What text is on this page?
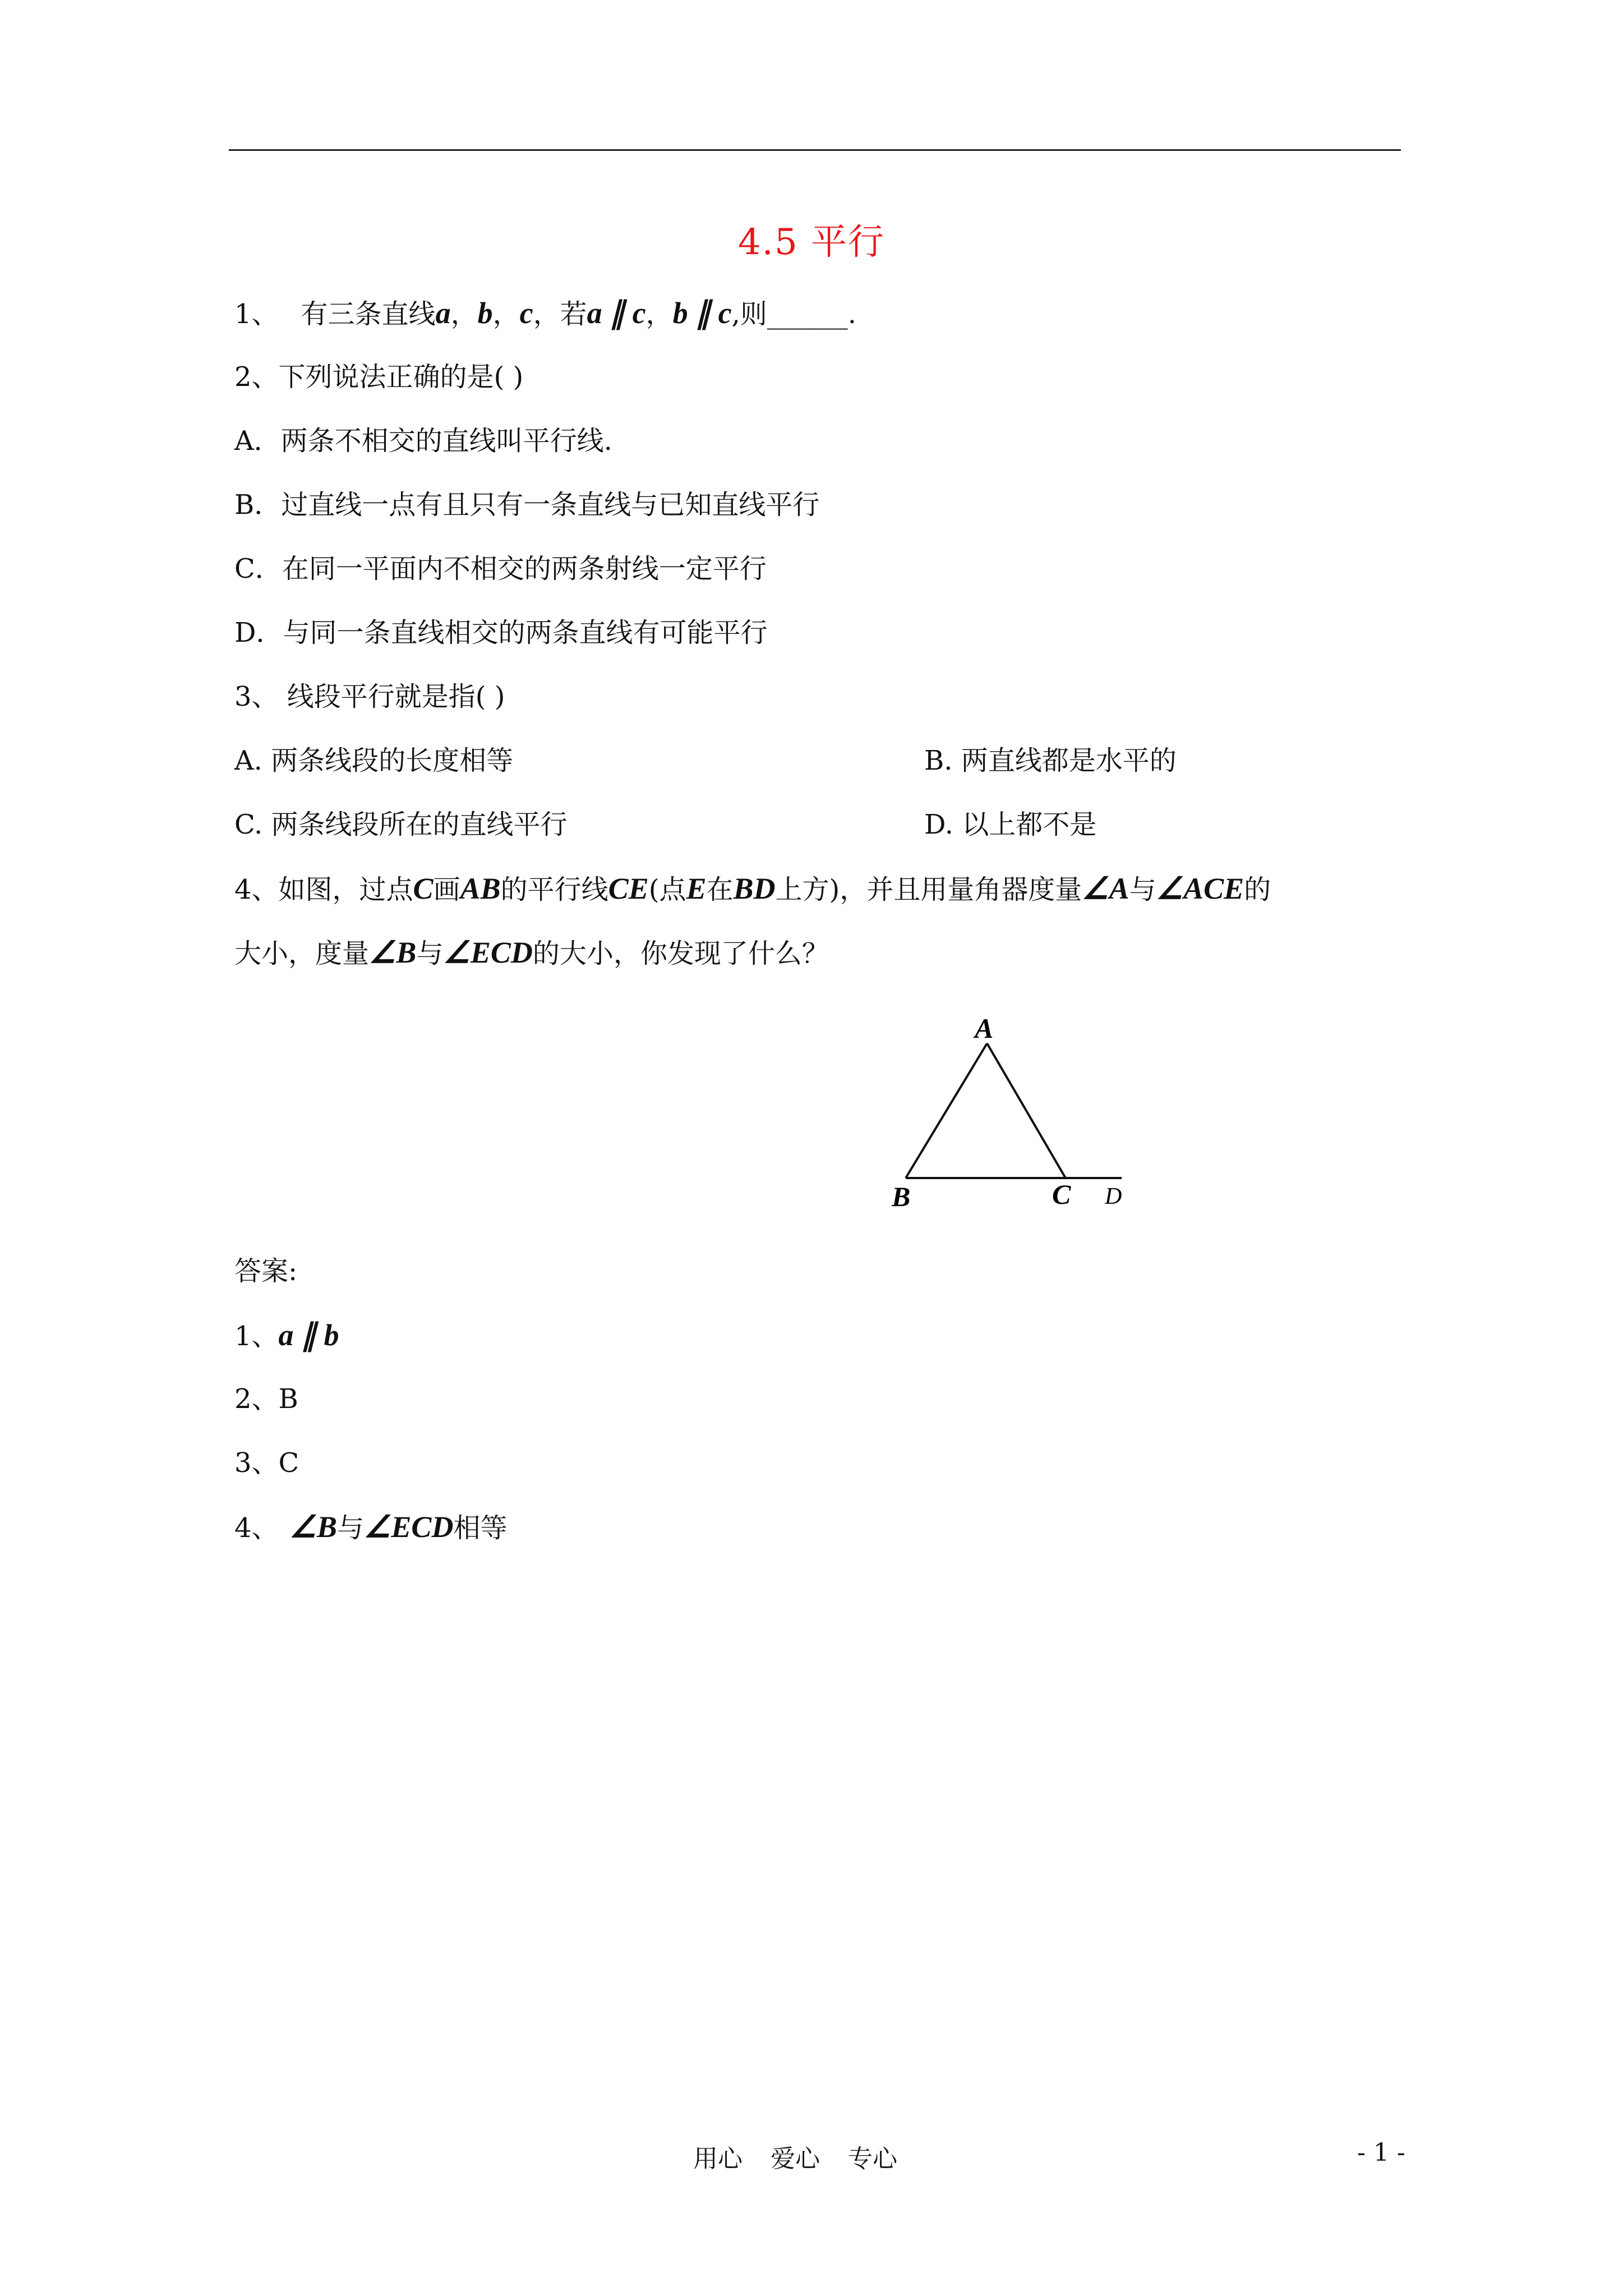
4.5 平行
1、 有三条直线a，b，c，若a ∥ c，b ∥ c,则______.
2、下列说法正确的是( )
A．两条不相交的直线叫平行线.
B．过直线一点有且只有一条直线与已知直线平行
C．在同一平面内不相交的两条射线一定平行
D．与同一条直线相交的两条直线有可能平行
3、 线段平行就是指( )
A. 两条线段的长度相等	B. 两直线都是水平的
C. 两条线段所在的直线平行	D. 以上都不是
4、如图，过点C画AB的平行线CE(点E在BD上方)，并且用量角器度量∠A与∠ACE的
大小，度量∠B与∠ECD的大小，你发现了什么？
A
B	C D
答案:
1、a ∥ b
2、B
3、C
4、 ∠B与∠ECD相等
用心 爱心 专心	- 1 -
